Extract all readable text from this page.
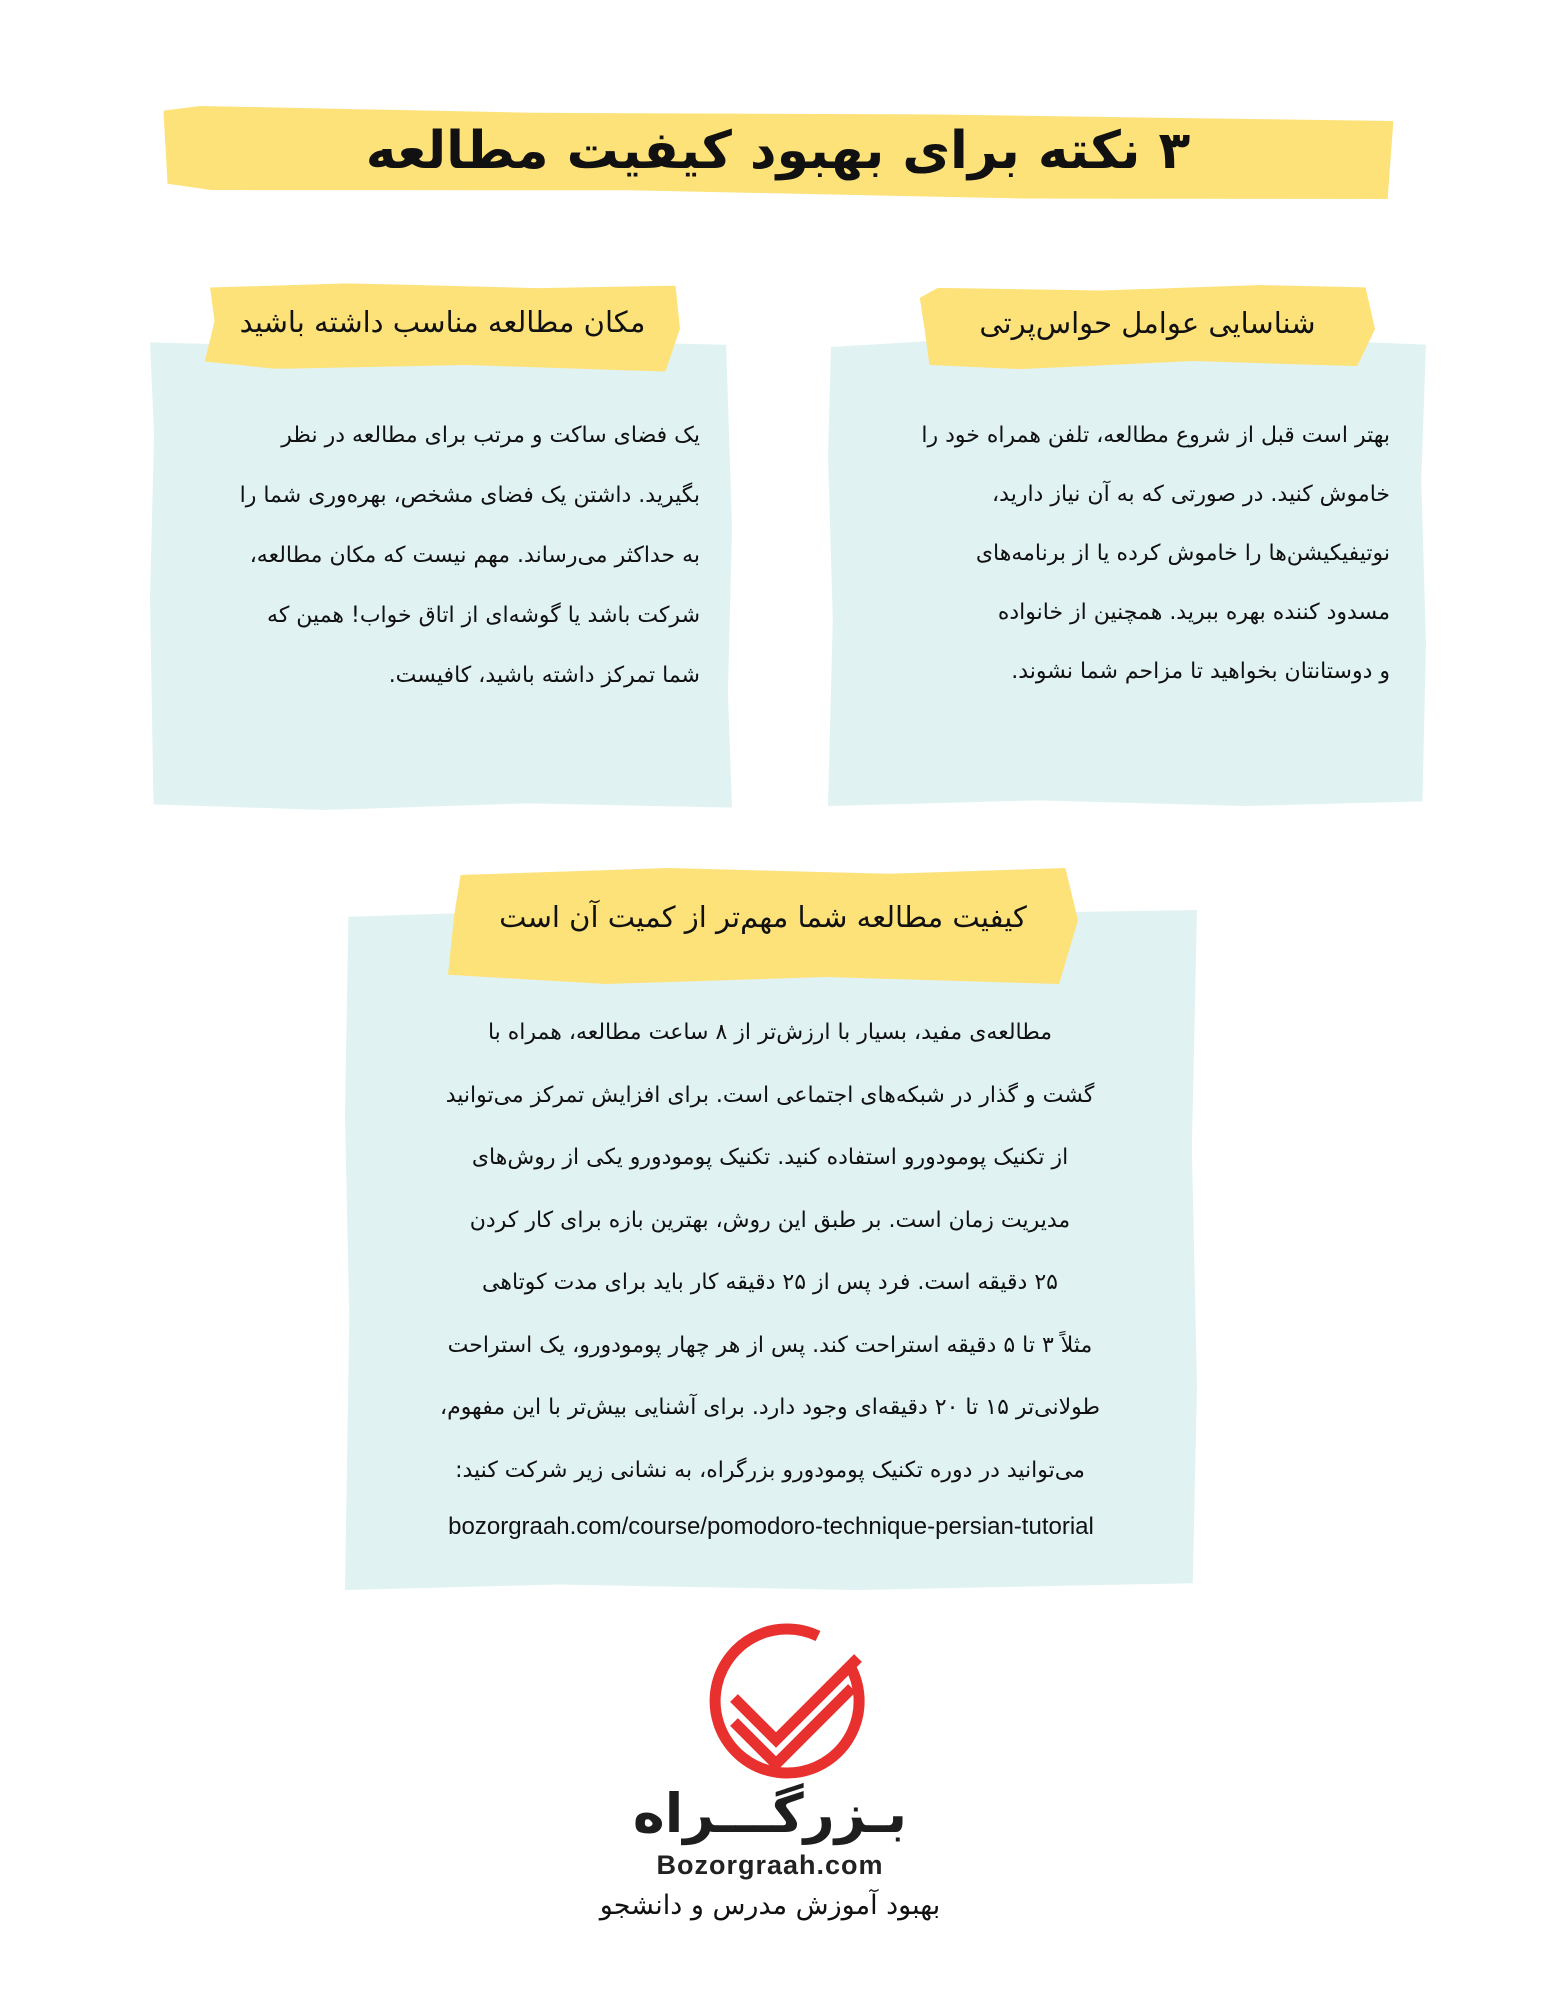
۳ نکته برای بهبود کیفیت مطالعه
شناسایی عوامل حواس‌پرتی
بهتر است قبل از شروع مطالعه، تلفن همراه خود را
خاموش کنید. در صورتی که به آن نیاز دارید،
نوتیفیکیشن‌ها را خاموش کرده یا از برنامه‌های
مسدود کننده بهره ببرید. همچنین از خانواده
و دوستانتان بخواهید تا مزاحم شما نشوند.
مکان مطالعه مناسب داشته باشید
یک فضای ساکت و مرتب برای مطالعه در نظر
بگیرید. داشتن یک فضای مشخص، بهره‌وری شما را
به حداکثر می‌رساند. مهم نیست که مکان مطالعه،
شرکت باشد یا گوشه‌ای از اتاق خواب! همین که
شما تمرکز داشته باشید، کافیست.
کیفیت مطالعه شما مهم‌تر از کمیت آن است
مطالعه‌ی مفید، بسیار با ارزش‌تر از ۸ ساعت مطالعه، همراه با
گشت و گذار در شبکه‌های اجتماعی است. برای افزایش تمرکز می‌توانید
از تکنیک پومودورو استفاده کنید. تکنیک پومودورو یکی از روش‌های
مدیریت زمان است. بر طبق این روش، بهترین بازه برای کار کردن
۲۵ دقیقه است. فرد پس از ۲۵ دقیقه کار باید برای مدت کوتاهی
مثلاً ۳ تا ۵ دقیقه استراحت کند. پس از هر چهار پومودورو، یک استراحت
طولانی‌تر ۱۵ تا ۲۰ دقیقه‌ای وجود دارد. برای آشنایی بیش‌تر با این مفهوم،
می‌توانید در دوره تکنیک پومودورو بزرگراه، به نشانی زیر شرکت کنید:
bozorgraah.com/course/pomodoro-technique-persian-tutorial
بـزرگـــراه
Bozorgraah.com
بهبود آموزش مدرس و دانشجو
